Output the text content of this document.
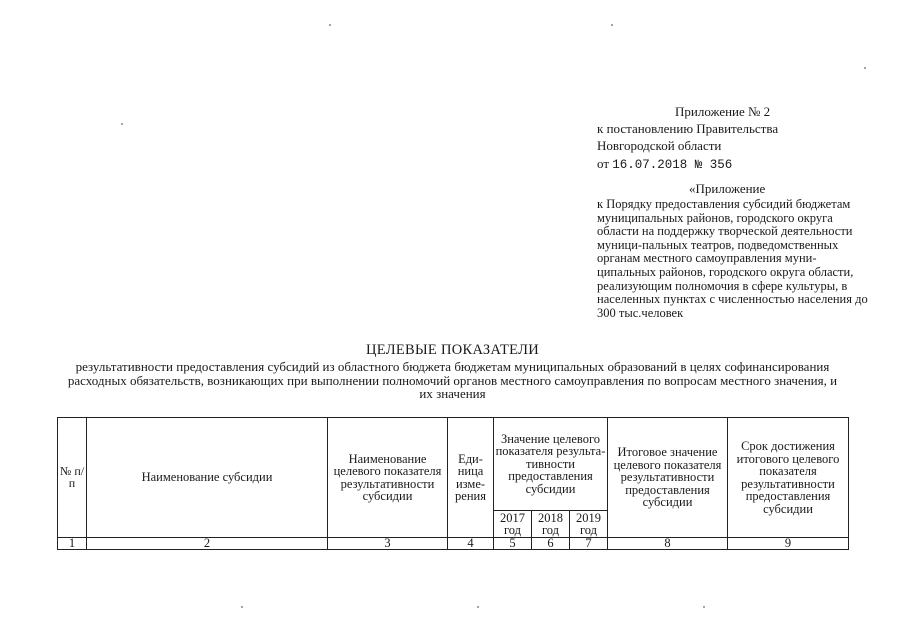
Приложение № 2
к постановлению Правительства
Новгородской области
от 16.07.2018 № 356
«Приложение
к Порядку предоставления субсидий бюджетам муниципальных районов, городского округа области на поддержку творческой деятельности муници-пальных театров, подведомственных органам местного самоуправления муни-ципальных районов, городского округа области, реализующим полномочия в сфере культуры, в населенных пунктах с численностью населения до 300 тыс.человек
ЦЕЛЕВЫЕ ПОКАЗАТЕЛИ
результативности предоставления субсидий из областного бюджета бюджетам муниципальных образований в целях софинансирования расходных обязательств, возникающих при выполнении полномочий органов местного самоуправления по вопросам местного значения, и их значения
№ п/п	Наименование субсидии	Наименование целевого показателя результативности субсидии	Еди-ница изме-рения	Значение целевого показателя результа-тивности предоставления субсидии			Итоговое значение целевого показателя результативности предоставления субсидии	Срок достижения итогового целевого показателя результативности предоставления субсидии
				2017 год	2018 год	2019 год		
1	2	3	4	5	6	7	8	9
